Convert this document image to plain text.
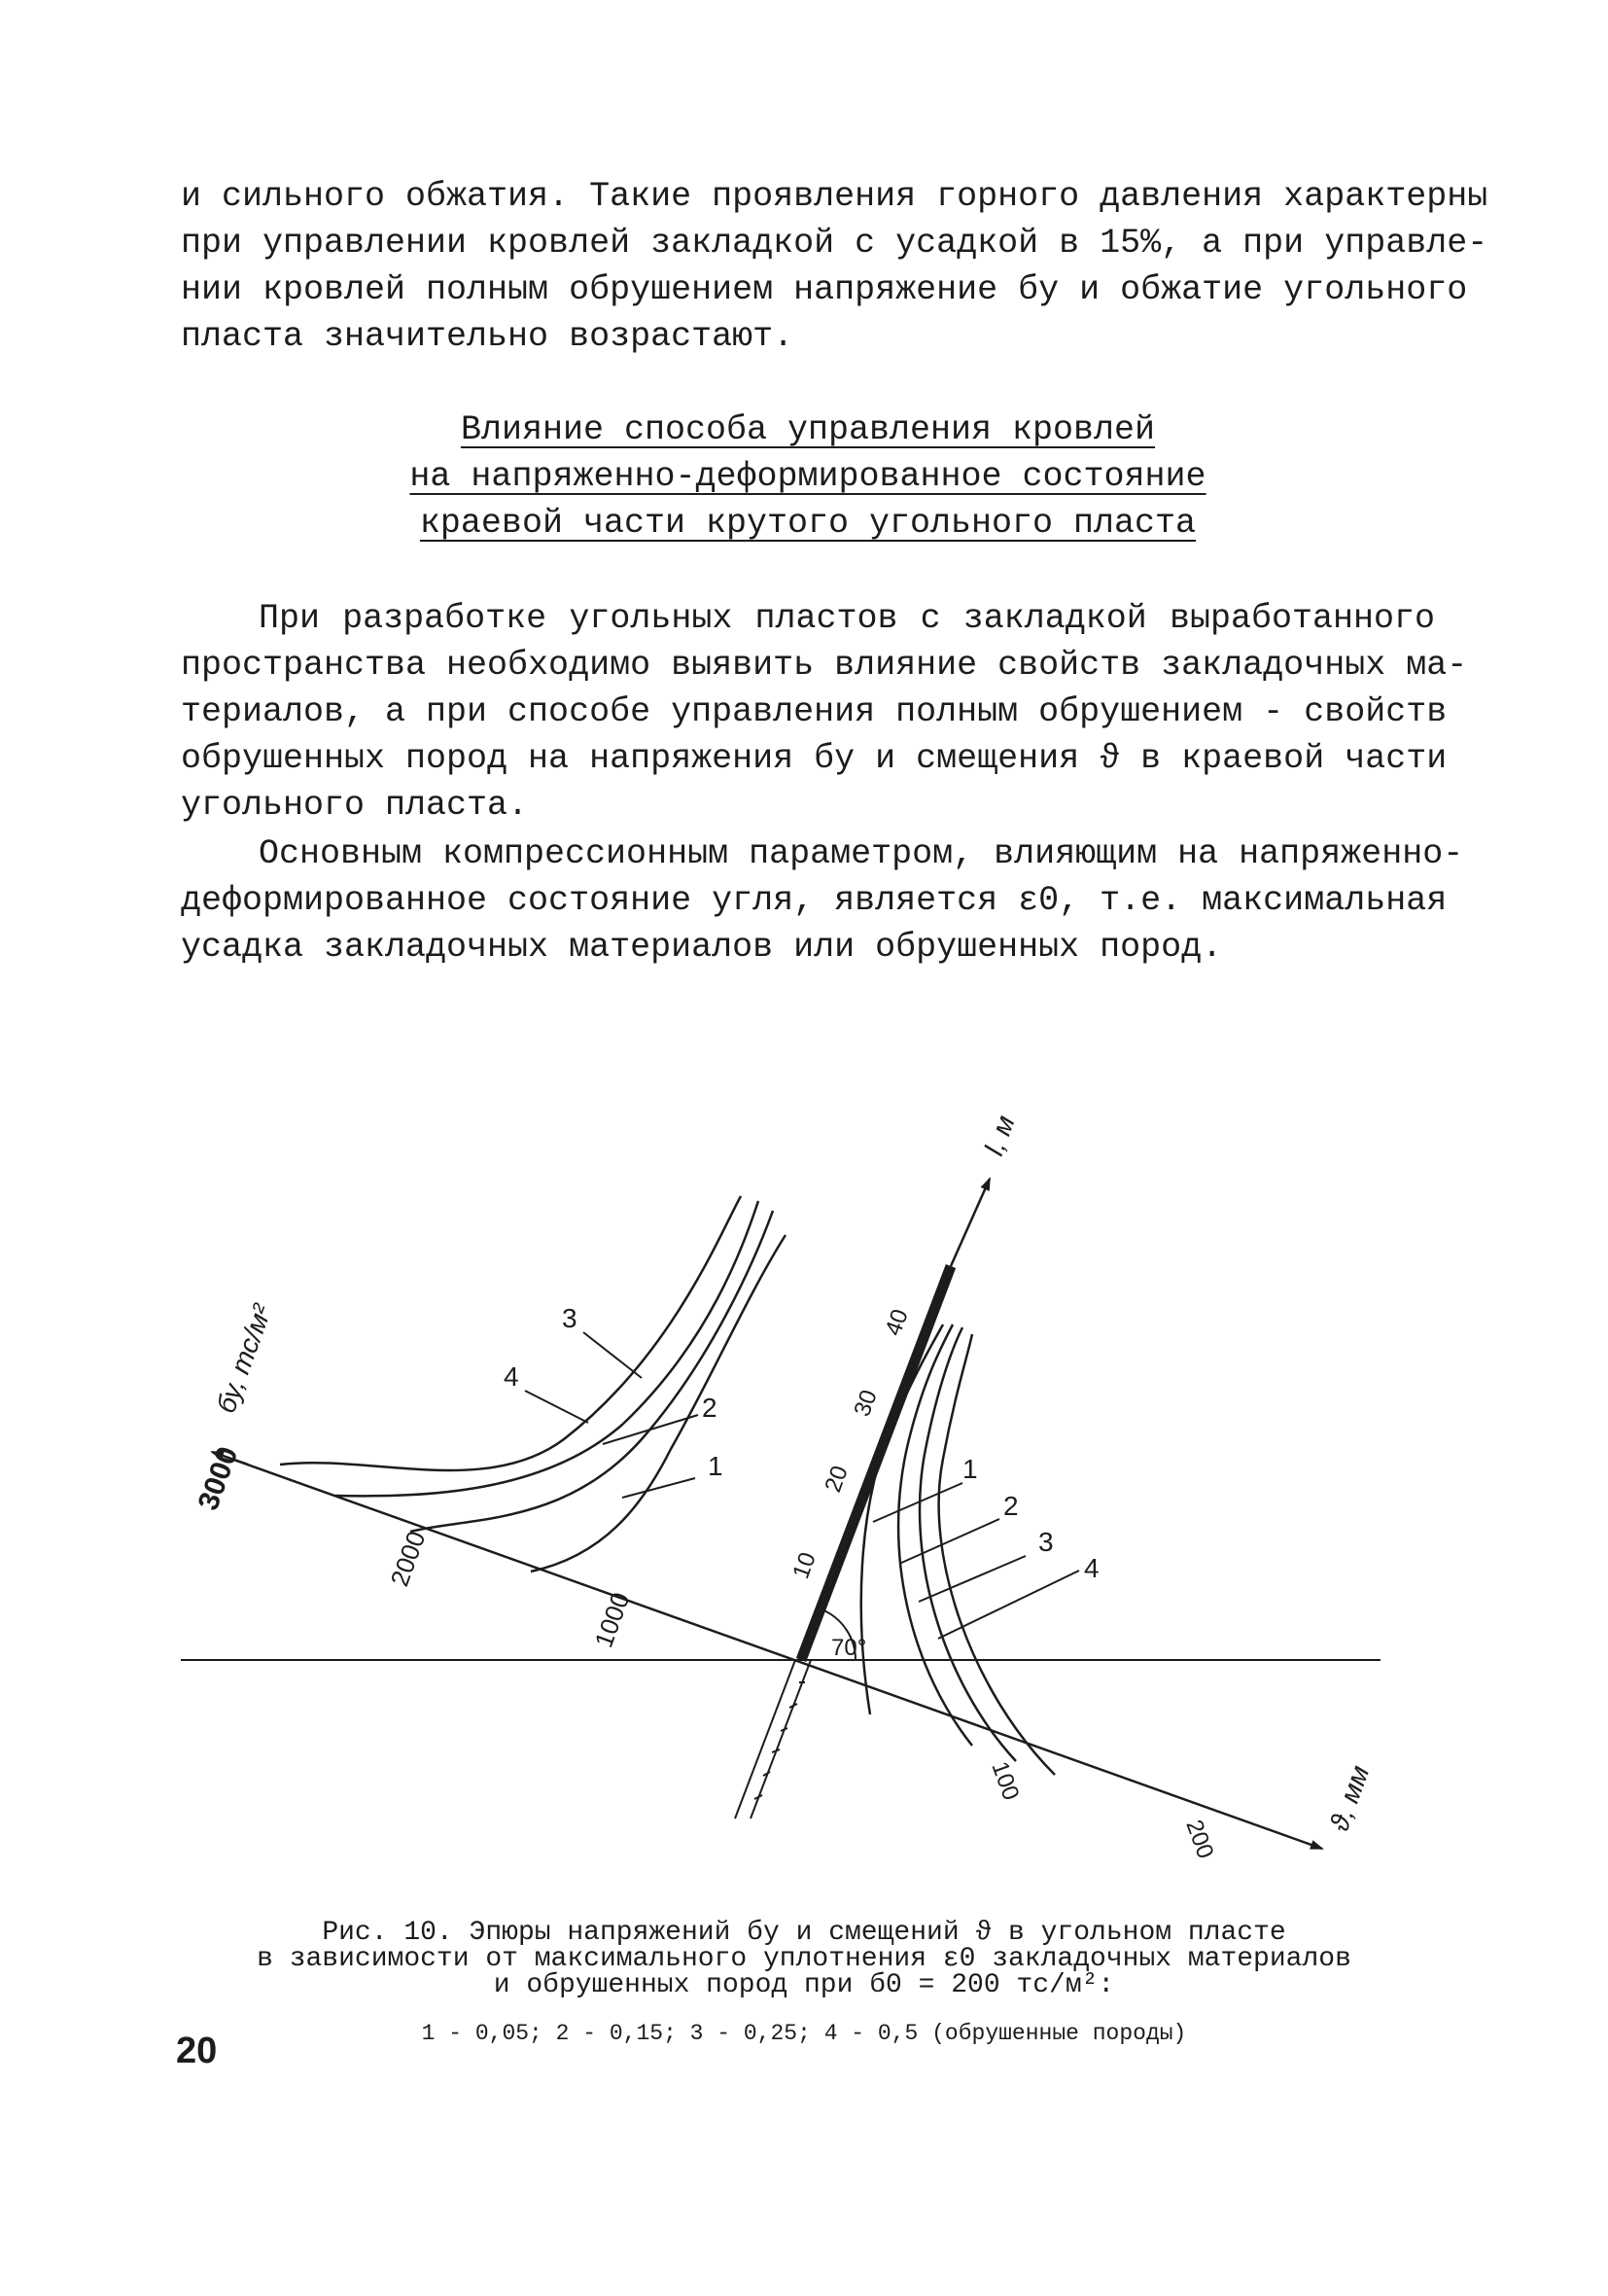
и сильного обжатия. Такие проявления горного давления характерны
при управлении кровлей закладкой с усадкой в 15%, а при управле-
нии кровлей полным обрушением напряжение бу и обжатие угольного
пласта значительно возрастают.
Влияние способа управления кровлей
на напряженно-деформированное состояние
краевой части крутого угольного пласта
При разработке угольных пластов с закладкой выработанного
пространства необходимо выявить влияние свойств закладочных ма-
териалов, а при способе управления полным обрушением - свойств
обрушенных пород на напряжения бу и смещения ϑ в краевой части
угольного пласта.
Основным компрессионным параметром, влияющим на напряженно-
деформированное состояние угля, является ε0, т.е. максимальная
усадка закладочных материалов или обрушенных пород.
70°
3
4
2
1	1
2
3
4
3000
2000
1000
бу, тс/м²
10
20
30
40
l, м
100
200
ϑ, мм
Рис. 10. Эпюры напряжений бу и смещений ϑ в угольном пласте
в зависимости от максимального уплотнения ε0 закладочных материалов
и обрушенных пород при б0 = 200 тс/м²:
1 - 0,05; 2 - 0,15; 3 - 0,25; 4 - 0,5 (обрушенные породы)
20
